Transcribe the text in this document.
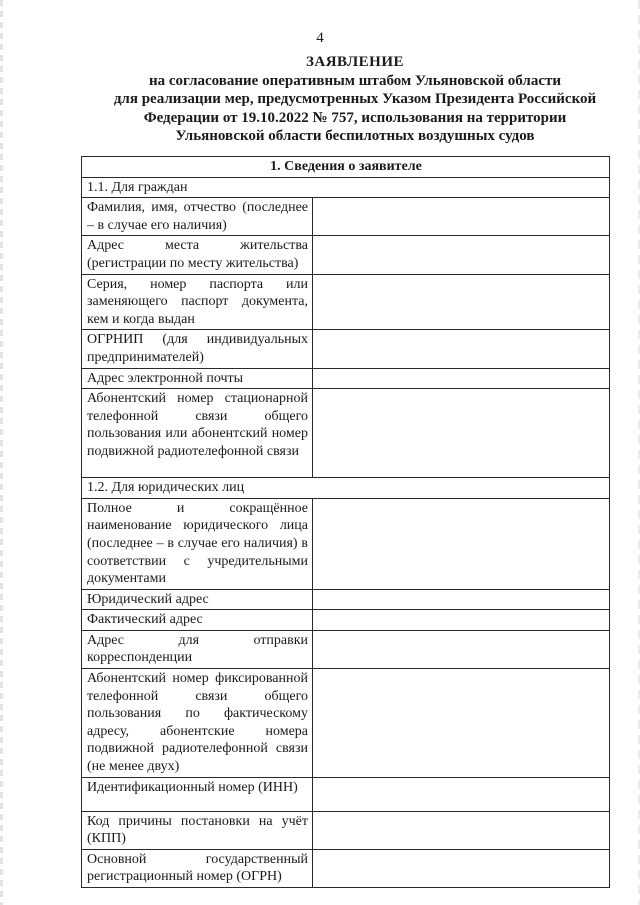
4
ЗАЯВЛЕНИЕ
на согласование оперативным штабом Ульяновской области
для реализации мер, предусмотренных Указом Президента Российской
Федерации от 19.10.2022 № 757, использования на территории
Ульяновской области беспилотных воздушных судов
1. Сведения о заявителе	
1.1. Для граждан	
Фамилия, имя, отчество (последнее – в случае его наличия)	
Адрес места жительства (регистрации по месту жительства)	
Серия, номер паспорта или заменяющего паспорт документа, кем и когда выдан	
ОГРНИП (для индивидуальных предпринимателей)	
Адрес электронной почты	
Абонентский номер стационарной телефонной связи общего пользования или абонентский номер подвижной радиотелефонной связи	
1.2. Для юридических лиц	
Полное и сокращённое наименование юридического лица (последнее – в случае его наличия) в соответствии с учредительными документами	
Юридический адрес	
Фактический адрес	
Адрес для отправки корреспонденции	
Абонентский номер фиксированной телефонной связи общего пользования по фактическому адресу, абонентские номера подвижной радиотелефонной связи (не менее двух)	
Идентификационный номер (ИНН)	
Код причины постановки на учёт (КПП)	
Основной государственный регистрационный номер (ОГРН)	
